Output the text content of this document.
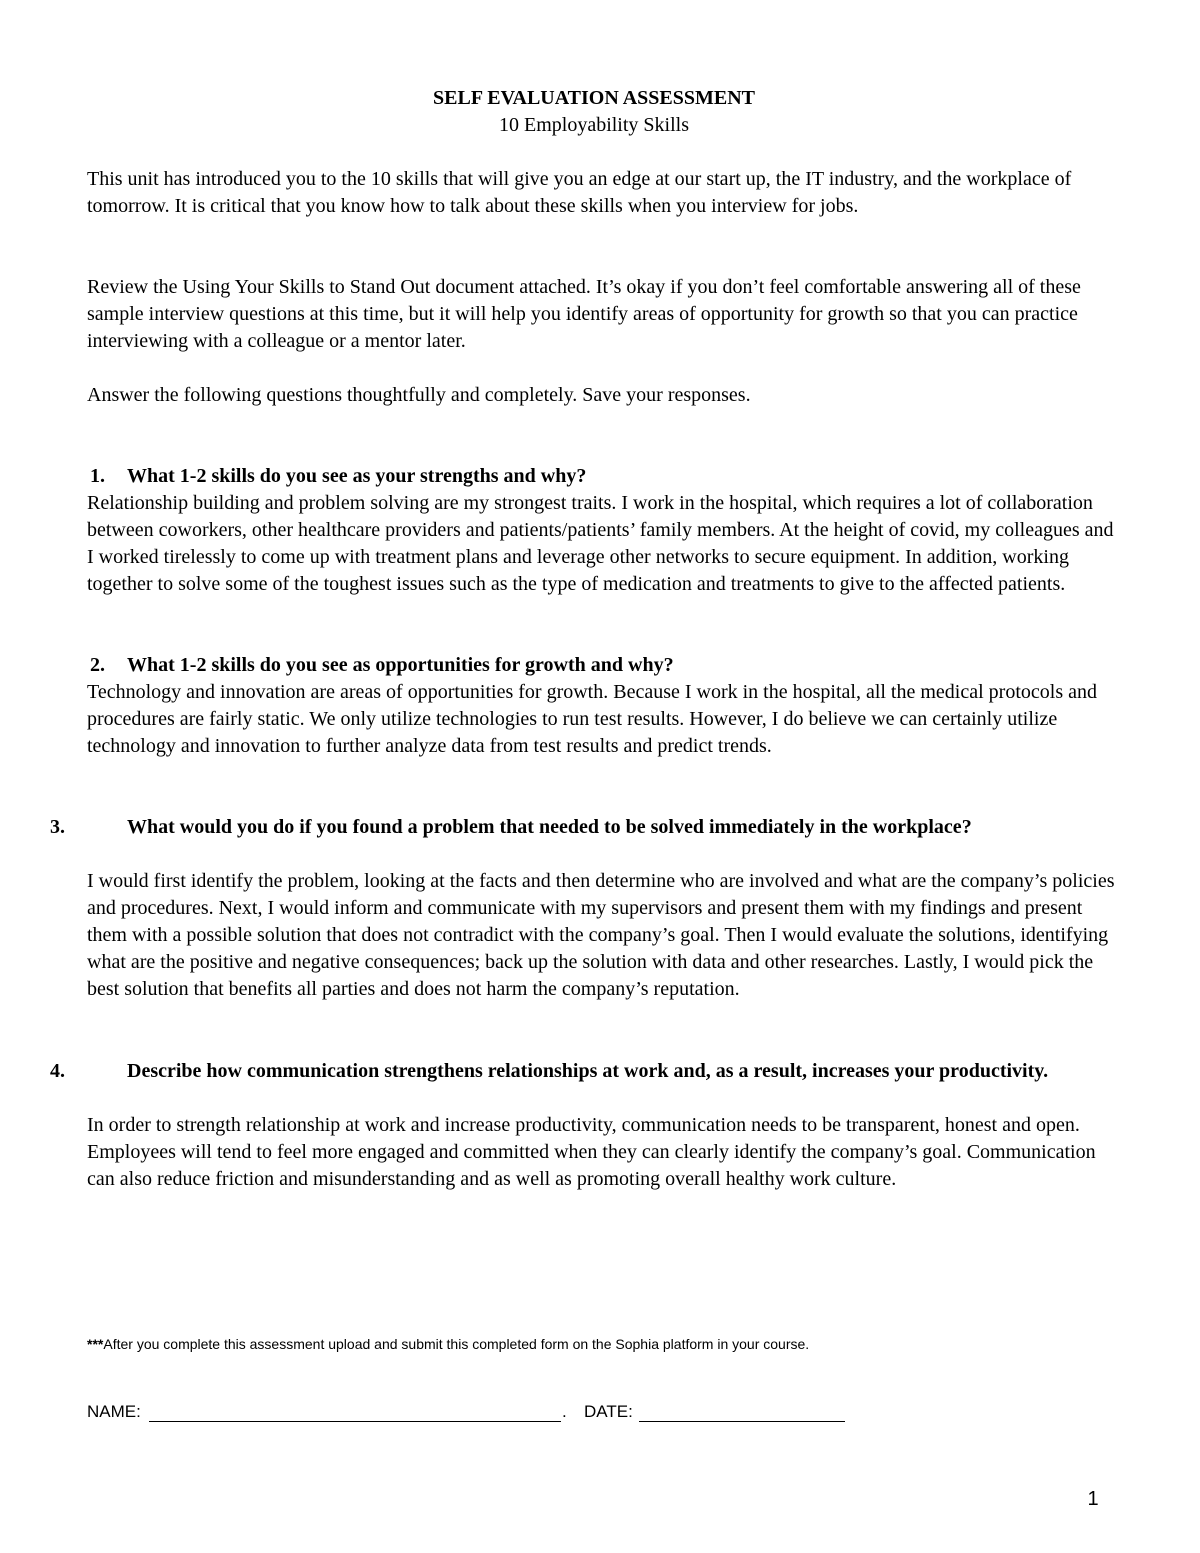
SELF EVALUATION ASSESSMENT
10 Employability Skills

This unit has introduced you to the 10 skills that will give you an edge at our start up, the IT industry, and the workplace of tomorrow. It is critical that you know how to talk about these skills when you interview for jobs.

Review the Using Your Skills to Stand Out document attached. It’s okay if you don’t feel comfortable answering all of these sample interview questions at this time, but it will help you identify areas of opportunity for growth so that you can practice interviewing with a colleague or a mentor later.

Answer the following questions thoughtfully and completely. Save your responses.

1. What 1-2 skills do you see as your strengths and why?

Relationship building and problem solving are my strongest traits. I work in the hospital, which requires a lot of collaboration between coworkers, other healthcare providers and patients/patients’ family members. At the height of covid, my colleagues and I worked tirelessly to come up with treatment plans and leverage other networks to secure equipment. In addition, working together to solve some of the toughest issues such as the type of medication and treatments to give to the affected patients.

2. What 1-2 skills do you see as opportunities for growth and why?

Technology and innovation are areas of opportunities for growth. Because I work in the hospital, all the medical protocols and procedures are fairly static. We only utilize technologies to run test results. However, I do believe we can certainly utilize technology and innovation to further analyze data from test results and predict trends.

3.	What would you do if you found a problem that needed to be solved immediately in the workplace?

I would first identify the problem, looking at the facts and then determine who are involved and what are the company’s policies and procedures. Next, I would inform and communicate with my supervisors and present them with my findings and present them with a possible solution that does not contradict with the company’s goal. Then I would evaluate the solutions, identifying what are the positive and negative consequences; back up the solution with data and other researches. Lastly, I would pick the best solution that benefits all parties and does not harm the company’s reputation.

4.	Describe how communication strengthens relationships at work and, as a result, increases your productivity.

In order to strength relationship at work and increase productivity, communication needs to be transparent, honest and open. Employees will tend to feel more engaged and committed when they can clearly identify the company’s goal. Communication can also reduce friction and misunderstanding and as well as promoting overall healthy work culture.

***After you complete this assessment upload and submit this completed form on the Sophia platform in your course.
NAME:	. DATE:
1
